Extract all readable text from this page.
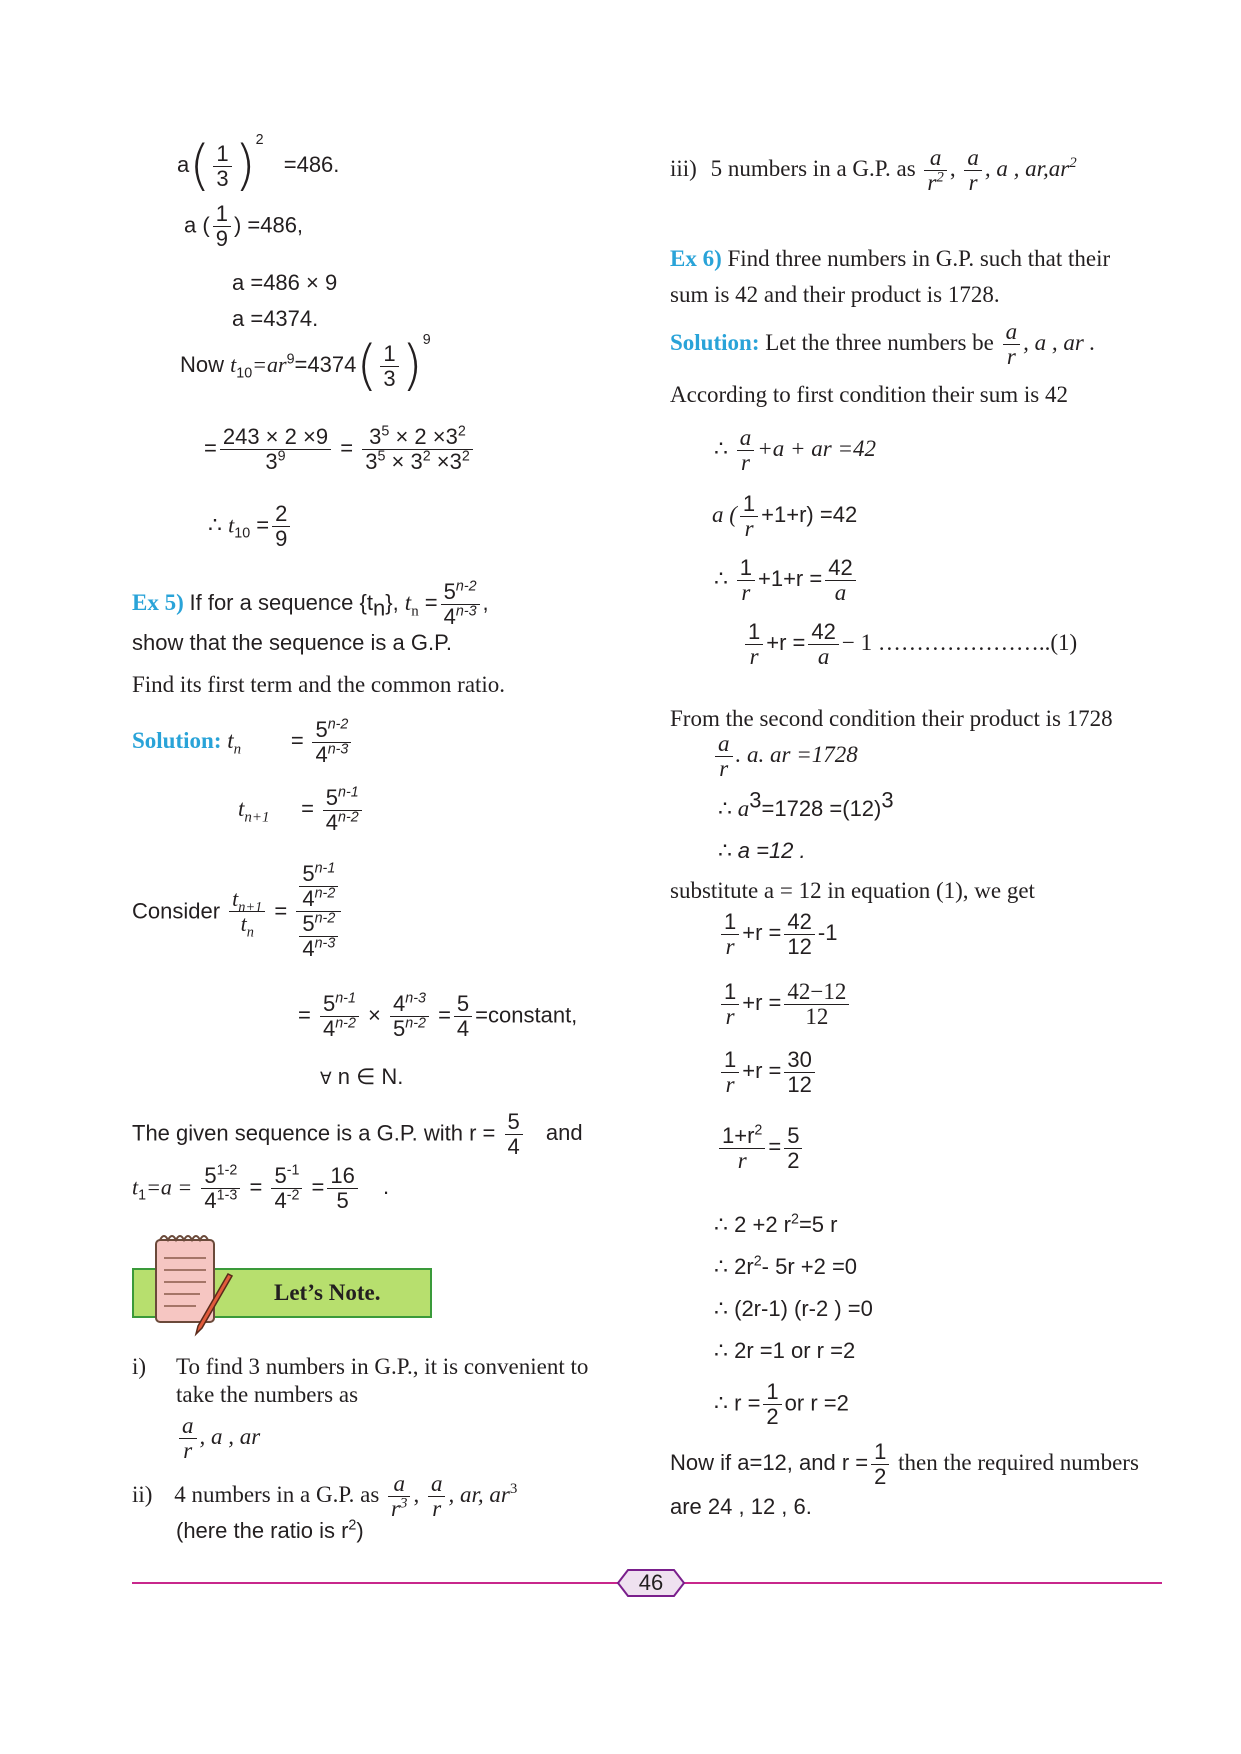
$a( \frac{1}{3} )^2 =486$.
a ( $\frac{1}{9}$ ) =486,
a =486 × 9
a =4374.
Now $t_{10}=ar^9=4374( \frac{1}{3} )^9$
= $\frac{243 \times 2 \times 9}{3^9} = \frac{3^5 \times 2 \times 3^2}{3^5 \times 3^2 \times 3^2}$
∴ $t_{10} = \frac{2}{9}$
Ex 5) If for a sequence $\{t_n\}$, $t_n = \frac{5^{n-2}}{4^{n-3}}$ ,
show that the sequence is a G.P.
Find its first term and the common ratio.
Solution: $t_n = \frac{5^{n-2}}{4^{n-3}}$
$t_{n+1} = \frac{5^{n-1}}{4^{n-2}}$
Consider $\frac{t_{n+1}}{t_n} = \frac{\frac{5^{n-1}}{4^{n-2}}}{\frac{5^{n-2}}{4^{n-3}}}$
= $\frac{5^{n-1}}{4^{n-2}} \times \frac{4^{n-3}}{5^{n-2}} = \frac{5}{4}$ =constant,
∀ n ∈ N.
The given sequence is a G.P. with $r = \frac{5}{4}$ and
$t_1=a = \frac{5^{1-2}}{4^{1-3}} = \frac{5^{-1}}{4^{-2}} = \frac{16}{5}$ .
i) To find 3 numbers in G.P., it is convenient to
take the numbers as
$\frac{a}{r}$ , a , ar
ii) 4 numbers in a G.P. as $\frac{a}{r^3}$ , $\frac{a}{r}$ , ar, $ar^3$
(here the ratio is $r^2$)
Let’s Note.
iii) 5 numbers in a G.P. as $\frac{a}{r^2}$ , $\frac{a}{r}$ , a , $ar,ar^2$
Ex 6) Find three numbers in G.P. such that their
sum is 42 and their product is 1728.
Solution: Let the three numbers be $\frac{a}{r}$ , a , ar .
According to first condition their sum is 42
∴ $\frac{a}{r} +a$ + ar =42
a ( $\frac{1}{r} +1+r) =42$
∴ $\frac{1}{r} +1+r = \frac{42}{a}$
$\frac{1}{r} +r = \frac{42}{a} - 1$ …………………..(1)
From the second condition their product is 1728
$\frac{a}{r}$ . a. ar =1728
∴ $a^3=1728 =(12)^3$
∴ a =12 .
substitute a = 12 in equation (1), we get
$\frac{1}{r} +r = \frac{42}{12} -1$
$\frac{1}{r} +r = \frac{42-12}{12}$
$\frac{1}{r} +r = \frac{30}{12}$
$\frac{1+r^2}{r} = \frac{5}{2}$
∴ 2 +2 $r^2=5$ r
∴ $2r^2-$ 5r +2 =0
∴ (2r-1) (r-2 ) =0
∴ 2r =1 or r =2
∴ $r = \frac{1}{2}$ or r =2
Now if a=12, and $r = \frac{1}{2}$ then the required numbers
are 24 , 12 , 6.
46
